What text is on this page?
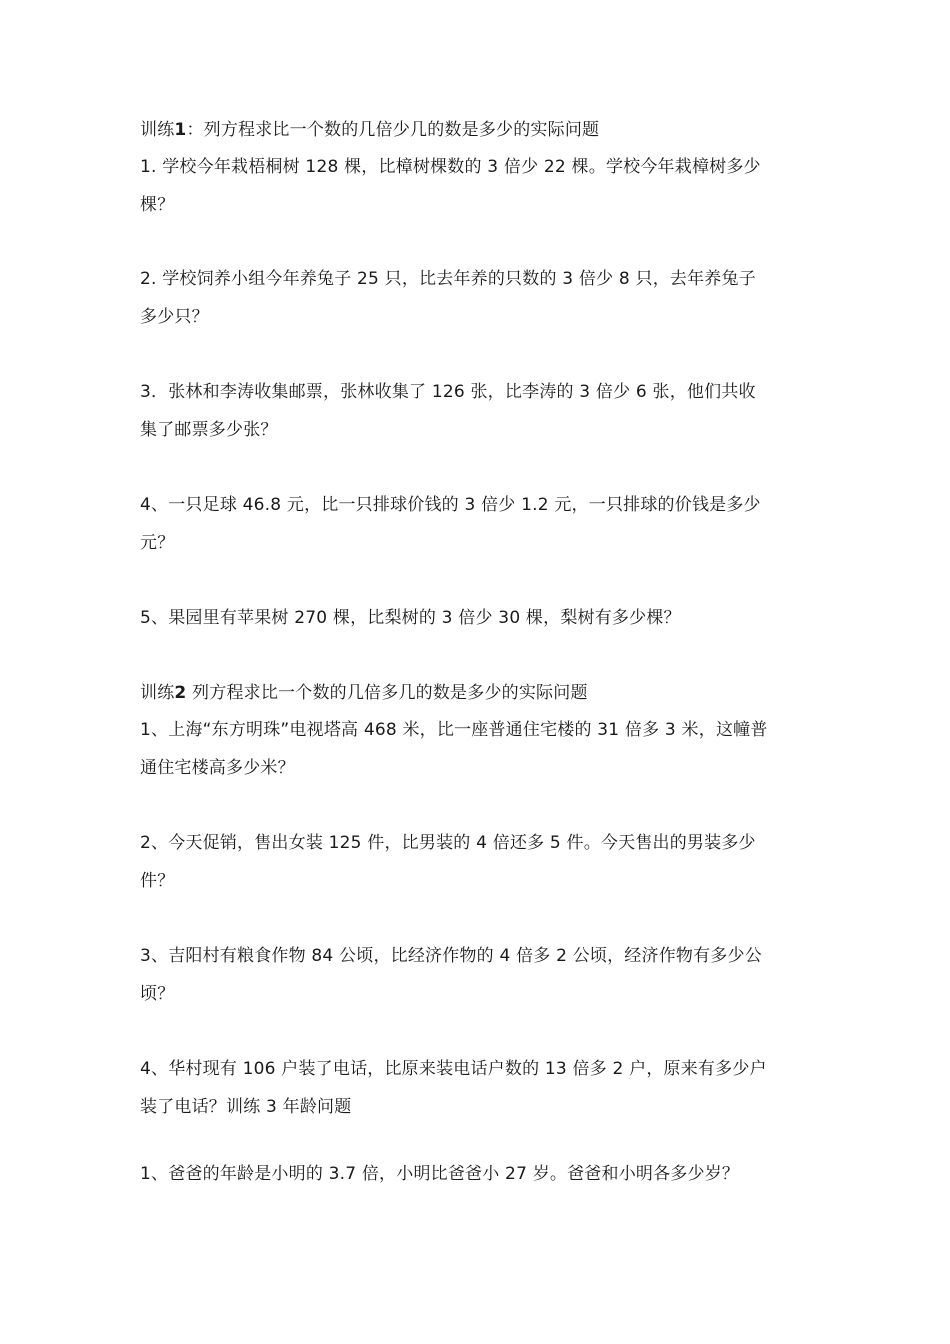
训练1：列方程求比一个数的几倍少几的数是多少的实际问题
1. 学校今年栽梧桐树 128 棵，比樟树棵数的 3 倍少 22 棵。学校今年栽樟树多少
棵？
2. 学校饲养小组今年养兔子 25 只，比去年养的只数的 3 倍少 8 只，去年养兔子
多少只？
3．张林和李涛收集邮票，张林收集了 126 张，比李涛的 3 倍少 6 张，他们共收
集了邮票多少张？
4、一只足球 46.8 元，比一只排球价钱的 3 倍少 1.2 元，一只排球的价钱是多少
元？
5、果园里有苹果树 270 棵，比梨树的 3 倍少 30 棵，梨树有多少棵？
训练2 列方程求比一个数的几倍多几的数是多少的实际问题
1、上海“东方明珠”电视塔高 468 米，比一座普通住宅楼的 31 倍多 3 米，这幢普
通住宅楼高多少米？
2、今天促销，售出女装 125 件，比男装的 4 倍还多 5 件。今天售出的男装多少
件？
3、吉阳村有粮食作物 84 公顷，比经济作物的 4 倍多 2 公顷，经济作物有多少公
顷？
4、华村现有 106 户装了电话，比原来装电话户数的 13 倍多 2 户，原来有多少户
装了电话？训练 3 年龄问题
1、爸爸的年龄是小明的 3.7 倍，小明比爸爸小 27 岁。爸爸和小明各多少岁？
